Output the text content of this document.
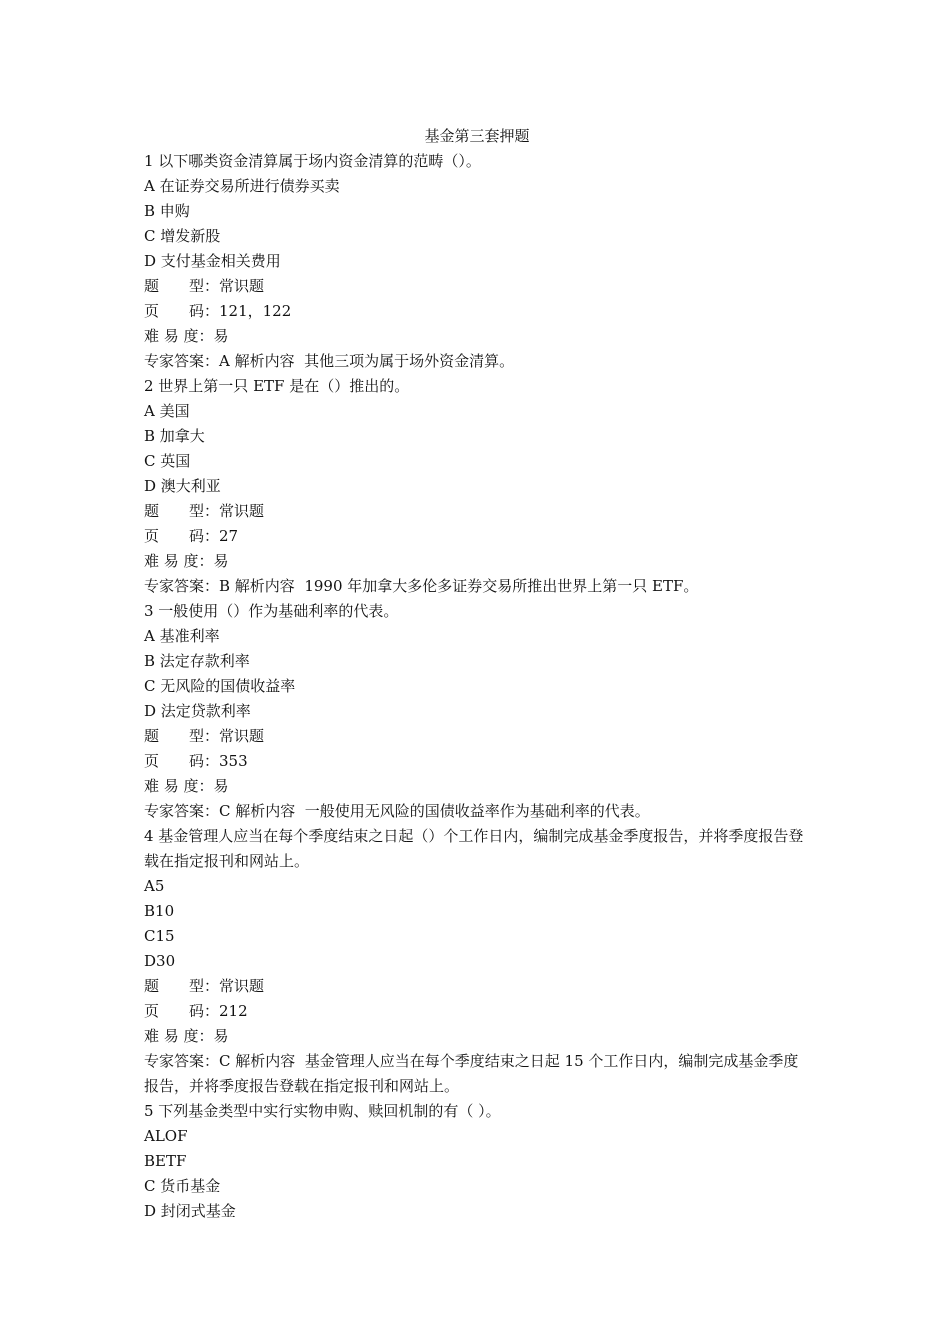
基金第三套押题
1 以下哪类资金清算属于场内资金清算的范畴（）。
A 在证券交易所进行债券买卖
B 申购
C 增发新股
D 支付基金相关费用
题　　型：常识题
页　　码：121，122
难 易 度：易
专家答案：A 解析内容  其他三项为属于场外资金清算。
2 世界上第一只 ETF 是在（）推出的。
A 美国
B 加拿大
C 英国
D 澳大利亚
题　　型：常识题
页　　码：27
难 易 度：易
专家答案：B 解析内容  1990 年加拿大多伦多证券交易所推出世界上第一只 ETF。
3 一般使用（）作为基础利率的代表。
A 基准利率
B 法定存款利率
C 无风险的国债收益率
D 法定贷款利率
题　　型：常识题
页　　码：353
难 易 度：易
专家答案：C 解析内容  一般使用无风险的国债收益率作为基础利率的代表。
4 基金管理人应当在每个季度结束之日起（）个工作日内，编制完成基金季度报告，并将季度报告登载在指定报刊和网站上。
A5
B10
C15
D30
题　　型：常识题
页　　码：212
难 易 度：易
专家答案：C 解析内容  基金管理人应当在每个季度结束之日起 15 个工作日内，编制完成基金季度报告，并将季度报告登载在指定报刊和网站上。
5 下列基金类型中实行实物申购、赎回机制的有（ ）。
ALOF
BETF
C 货币基金
D 封闭式基金
